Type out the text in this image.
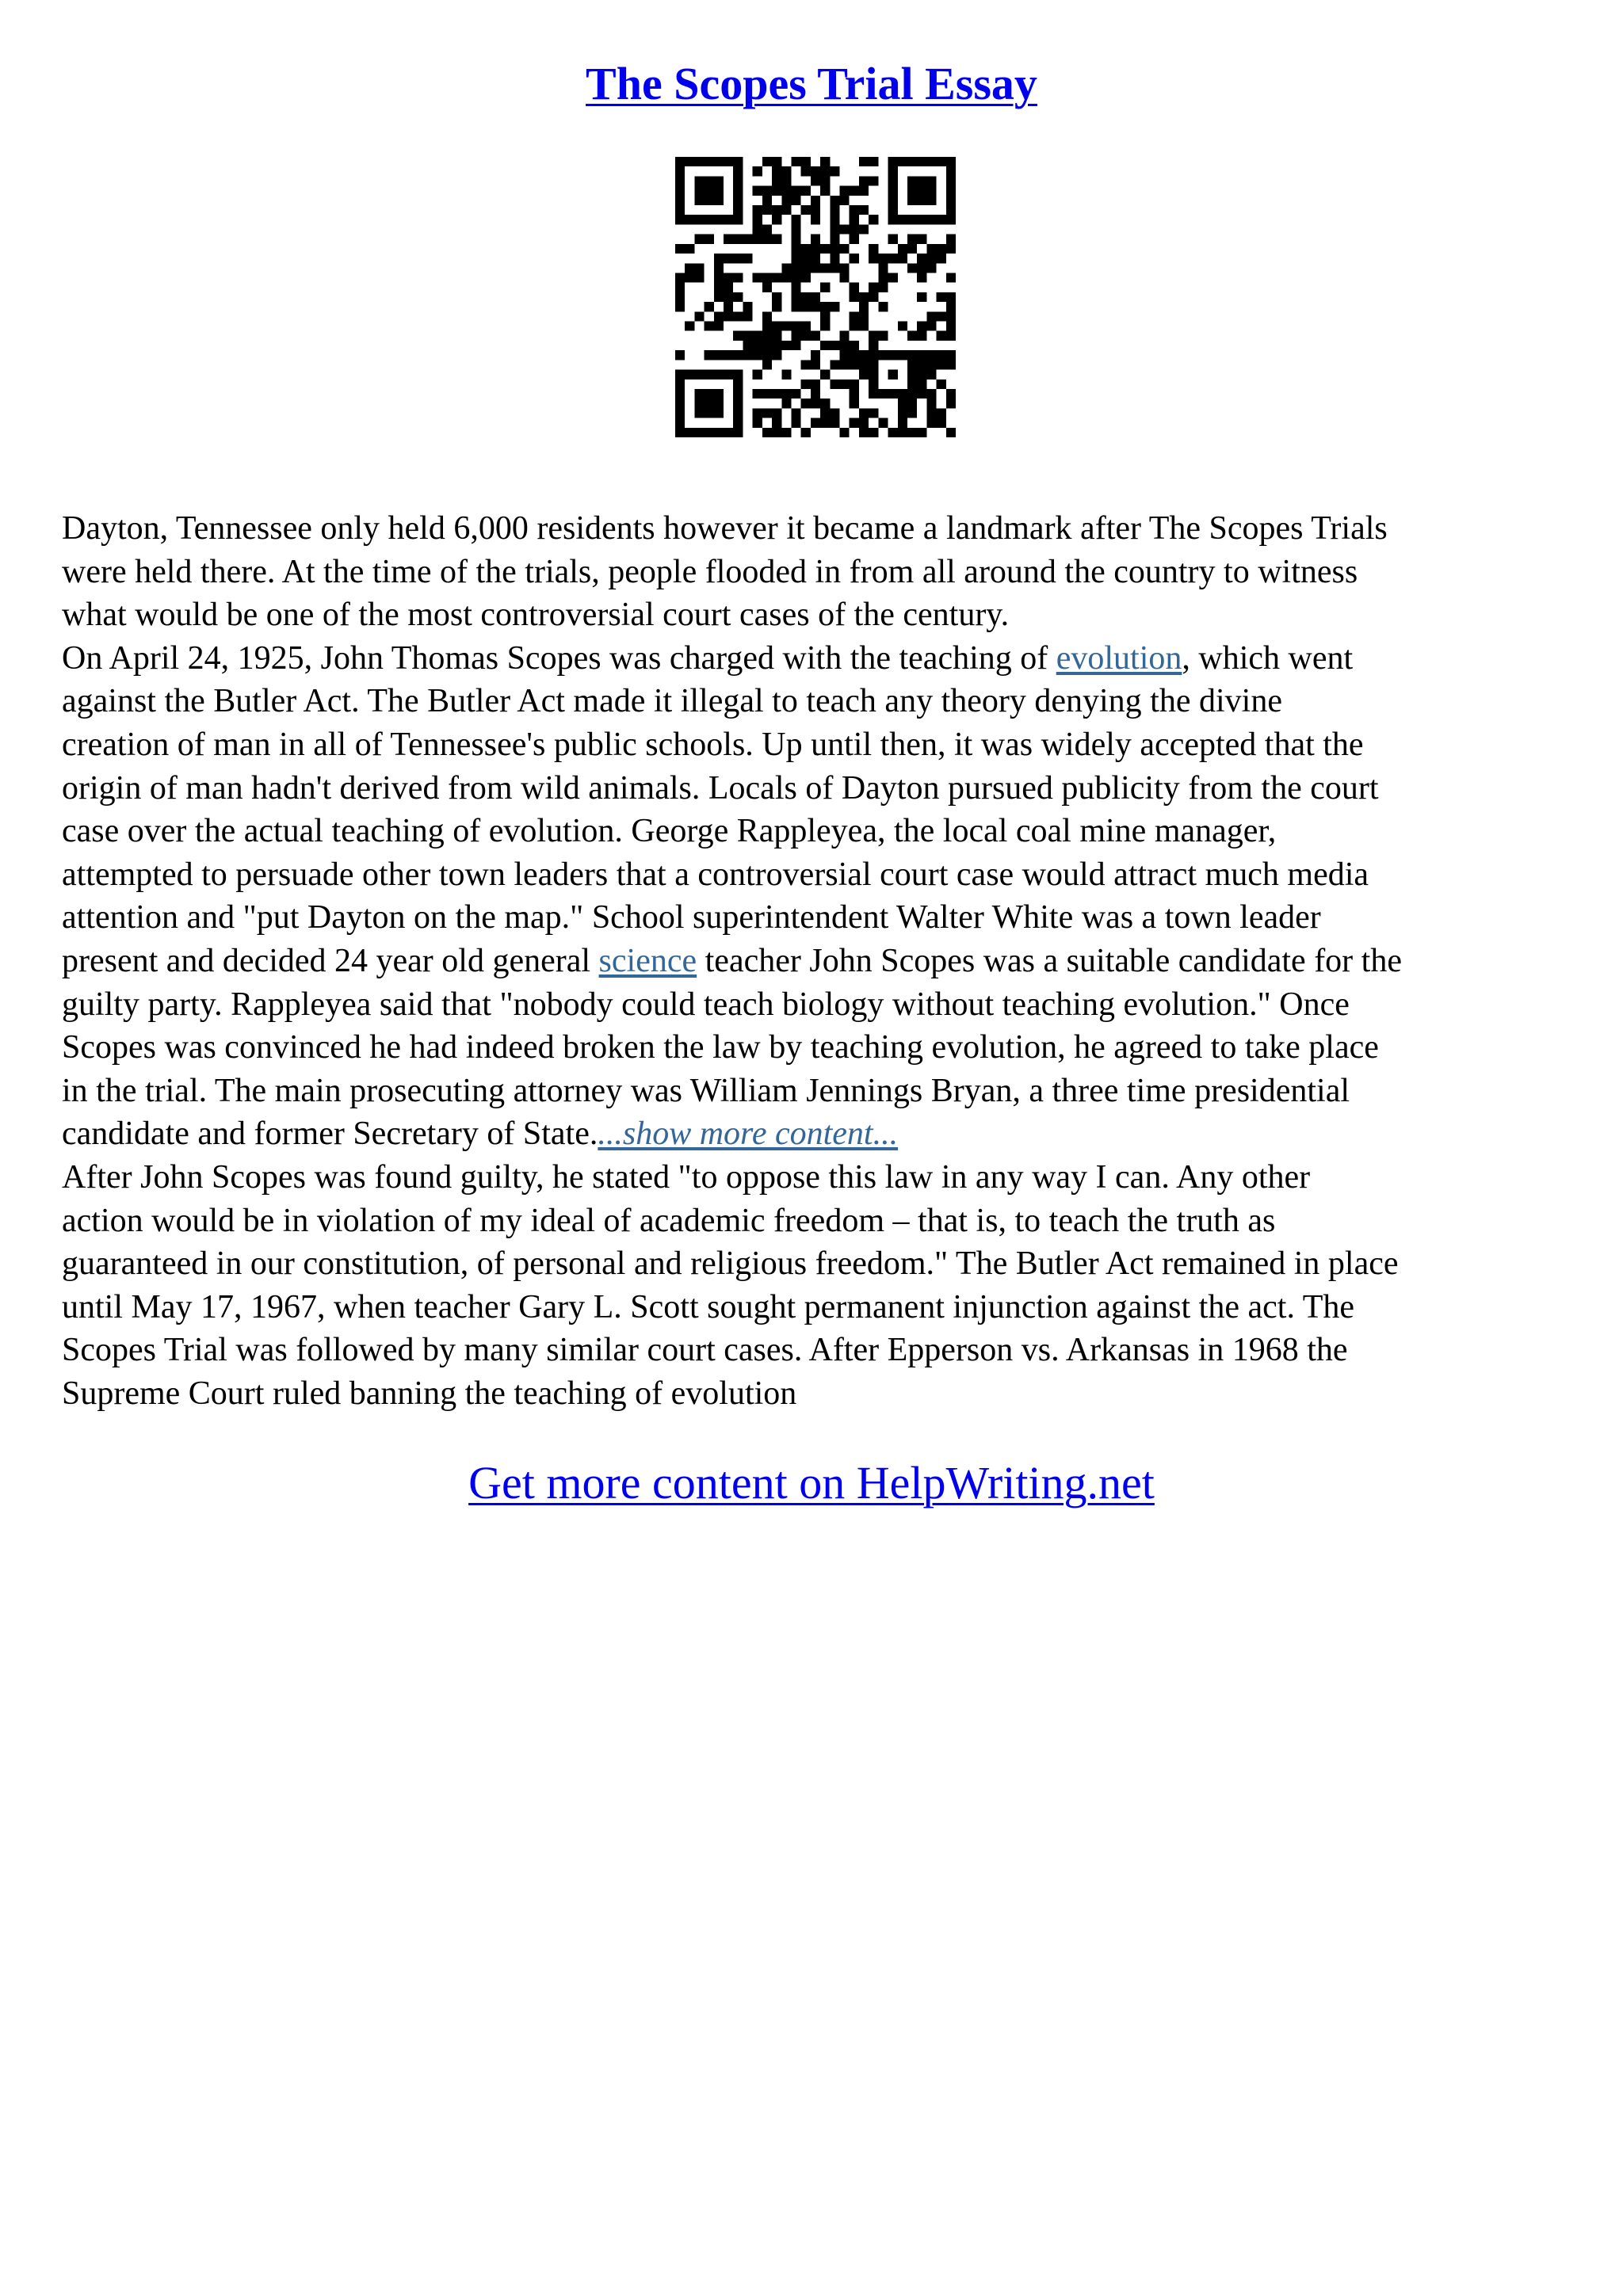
The Scopes Trial Essay

Dayton, Tennessee only held 6,000 residents however it became a landmark after The Scopes Trials

were held there. At the time of the trials, people flooded in from all around the country to witness

what would be one of the most controversial court cases of the century.

On April 24, 1925, John Thomas Scopes was charged with the teaching of evolution, which went

against the Butler Act. The Butler Act made it illegal to teach any theory denying the divine

creation of man in all of Tennessee's public schools. Up until then, it was widely accepted that the

origin of man hadn't derived from wild animals. Locals of Dayton pursued publicity from the court

case over the actual teaching of evolution. George Rappleyea, the local coal mine manager,

attempted to persuade other town leaders that a controversial court case would attract much media

attention and "put Dayton on the map." School superintendent Walter White was a town leader

present and decided 24 year old general science teacher John Scopes was a suitable candidate for the

guilty party. Rappleyea said that "nobody could teach biology without teaching evolution." Once

Scopes was convinced he had indeed broken the law by teaching evolution, he agreed to take place

in the trial. The main prosecuting attorney was William Jennings Bryan, a three time presidential

candidate and former Secretary of State....show more content...

After John Scopes was found guilty, he stated "to oppose this law in any way I can. Any other

action would be in violation of my ideal of academic freedom – that is, to teach the truth as

guaranteed in our constitution, of personal and religious freedom." The Butler Act remained in place

until May 17, 1967, when teacher Gary L. Scott sought permanent injunction against the act. The

Scopes Trial was followed by many similar court cases. After Epperson vs. Arkansas in 1968 the

Supreme Court ruled banning the teaching of evolution

Get more content on HelpWriting.net
